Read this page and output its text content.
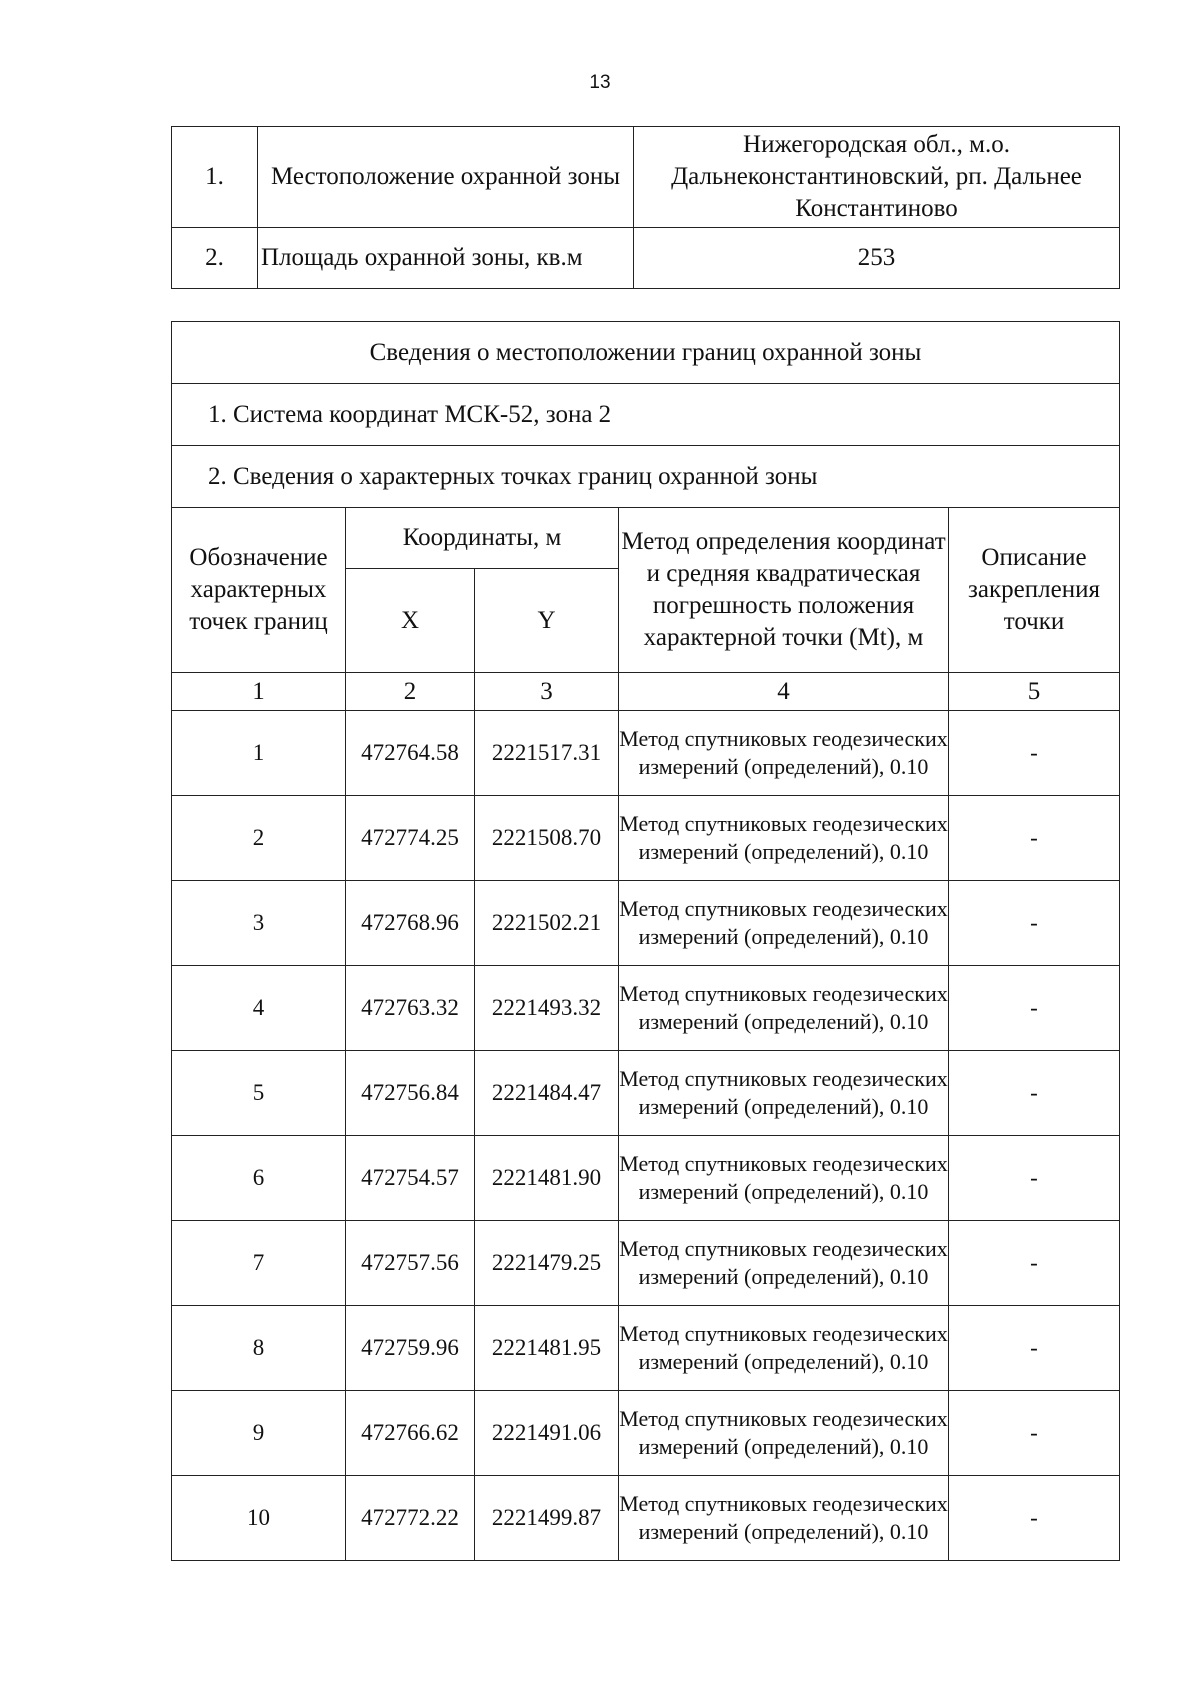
13
1.	Местоположение охранной зоны	Нижегородская обл., м.о. Дальнеконстантиновский, рп. Дальнее Константиново
2.	Площадь охранной зоны, кв.м	253
Сведения о местоположении границ охранной зоны				
1. Система координат МСК-52, зона 2				
2. Сведения о характерных точках границ охранной зоны				
Обозначение характерных точек границ	Координаты, м		Метод определения координат и средняя квадратическая погрешность положения характерной точки (Mt), м	Описание закрепления точки
	X	Y		
1	2	3	4	5
1	472764.58	2221517.31	Метод спутниковых геодезических измерений (определений), 0.10	-
2	472774.25	2221508.70	Метод спутниковых геодезических измерений (определений), 0.10	-
3	472768.96	2221502.21	Метод спутниковых геодезических измерений (определений), 0.10	-
4	472763.32	2221493.32	Метод спутниковых геодезических измерений (определений), 0.10	-
5	472756.84	2221484.47	Метод спутниковых геодезических измерений (определений), 0.10	-
6	472754.57	2221481.90	Метод спутниковых геодезических измерений (определений), 0.10	-
7	472757.56	2221479.25	Метод спутниковых геодезических измерений (определений), 0.10	-
8	472759.96	2221481.95	Метод спутниковых геодезических измерений (определений), 0.10	-
9	472766.62	2221491.06	Метод спутниковых геодезических измерений (определений), 0.10	-
10	472772.22	2221499.87	Метод спутниковых геодезических измерений (определений), 0.10	-
